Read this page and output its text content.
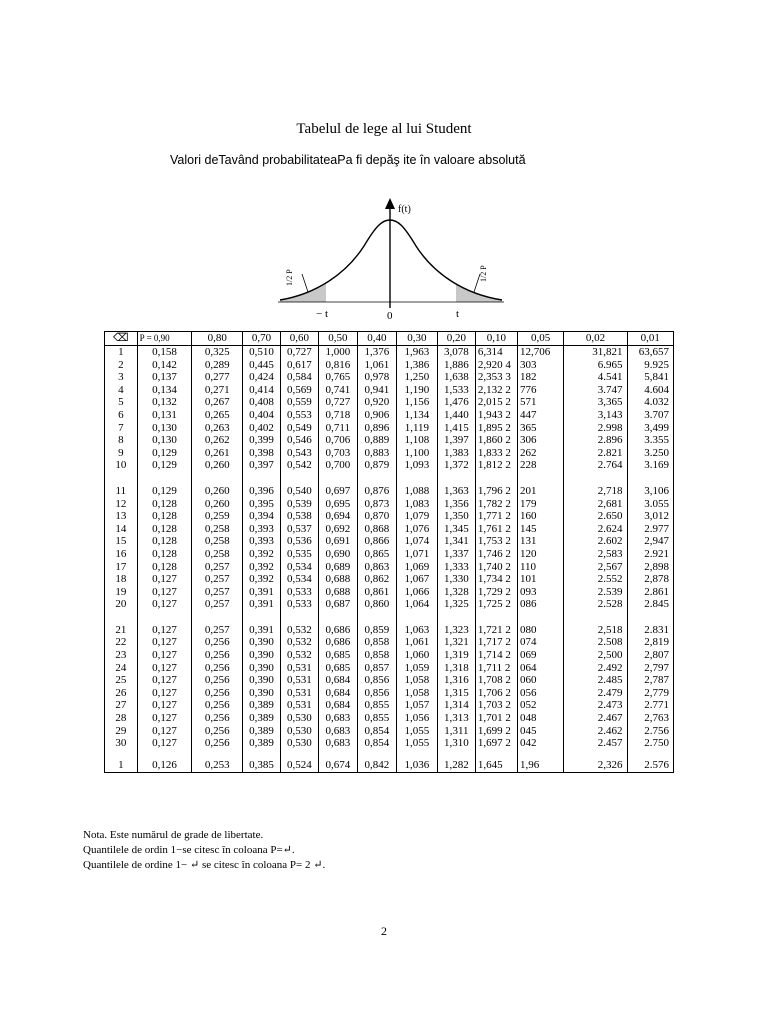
Tabelul de lege al lui Student
Valori deTavând probabilitateaPa fi depăş ite în valoare absolută
f(t)
1/2 P	1/2 P
− t	0	t
⌫	P = 0,90	0,80	0,70	0,60	0,50	0,40	0,30	0,20	0,10	0,05	0,02	0,01
1	0,158	0,325	0,510	0,727	1,000	1,376	1,963	3,078	6,314	12,706	31,821	63,657
2	0,142	0,289	0,445	0,617	0,816	1,061	1,386	1,886	2,920 4	303	6.965	9.925
3	0,137	0,277	0,424	0,584	0,765	0,978	1,250	1,638	2,353 3	182	4.541	5,841
4	0,134	0,271	0,414	0,569	0,741	0,941	1,190	1,533	2,132 2	776	3.747	4.604
5	0,132	0,267	0,408	0,559	0,727	0,920	1,156	1,476	2,015 2	571	3,365	4.032
6	0,131	0,265	0,404	0,553	0,718	0,906	1,134	1,440	1,943 2	447	3,143	3.707
7	0,130	0,263	0,402	0,549	0,711	0,896	1,119	1,415	1,895 2	365	2.998	3,499
8	0,130	0,262	0,399	0,546	0,706	0,889	1,108	1,397	1,860 2	306	2.896	3.355
9	0,129	0,261	0,398	0,543	0,703	0,883	1,100	1,383	1,833 2	262	2.821	3.250
10	0,129	0,260	0,397	0,542	0,700	0,879	1,093	1,372	1,812 2	228	2.764	3.169

11	0,129	0,260	0,396	0,540	0,697	0,876	1,088	1,363	1,796 2	201	2,718	3,106
12	0,128	0,260	0,395	0,539	0,695	0,873	1,083	1,356	1,782 2	179	2,681	3.055
13	0,128	0,259	0,394	0,538	0,694	0,870	1,079	1,350	1,771 2	160	2.650	3,012
14	0,128	0,258	0,393	0,537	0,692	0,868	1,076	1,345	1,761 2	145	2.624	2.977
15	0,128	0,258	0,393	0,536	0,691	0,866	1,074	1,341	1,753 2	131	2.602	2,947
16	0,128	0,258	0,392	0,535	0,690	0,865	1,071	1,337	1,746 2	120	2,583	2.921
17	0,128	0,257	0,392	0,534	0,689	0,863	1,069	1,333	1,740 2	110	2,567	2,898
18	0,127	0,257	0,392	0,534	0,688	0,862	1,067	1,330	1,734 2	101	2.552	2,878
19	0,127	0,257	0,391	0,533	0,688	0,861	1,066	1,328	1,729 2	093	2.539	2.861
20	0,127	0,257	0,391	0,533	0,687	0,860	1,064	1,325	1,725 2	086	2.528	2.845

21	0,127	0,257	0,391	0,532	0,686	0,859	1,063	1,323	1,721 2	080	2,518	2.831
22	0,127	0,256	0,390	0,532	0,686	0,858	1,061	1,321	1,717 2	074	2.508	2,819
23	0,127	0,256	0,390	0,532	0,685	0,858	1,060	1,319	1,714 2	069	2,500	2,807
24	0,127	0,256	0,390	0,531	0,685	0,857	1,059	1,318	1,711 2	064	2.492	2,797
25	0,127	0,256	0,390	0,531	0,684	0,856	1,058	1,316	1,708 2	060	2.485	2,787
26	0,127	0,256	0,390	0,531	0,684	0,856	1,058	1,315	1,706 2	056	2.479	2,779
27	0,127	0,256	0,389	0,531	0,684	0,855	1,057	1,314	1,703 2	052	2.473	2.771
28	0,127	0,256	0,389	0,530	0,683	0,855	1,056	1,313	1,701 2	048	2.467	2,763
29	0,127	0,256	0,389	0,530	0,683	0,854	1,055	1,311	1,699 2	045	2.462	2.756
30	0,127	0,256	0,389	0,530	0,683	0,854	1,055	1,310	1,697 2	042	2.457	2.750
1	0,126	0,253	0,385	0,524	0,674	0,842	1,036	1,282	1,645	1,96	2,326	2.576
Nota. Este numărul de grade de libertate.
Quantilele de ordin 1−se citesc în coloana P=↵.
Quantilele de ordine 1− ↵ se citesc în coloana P= 2 ↵.
2
